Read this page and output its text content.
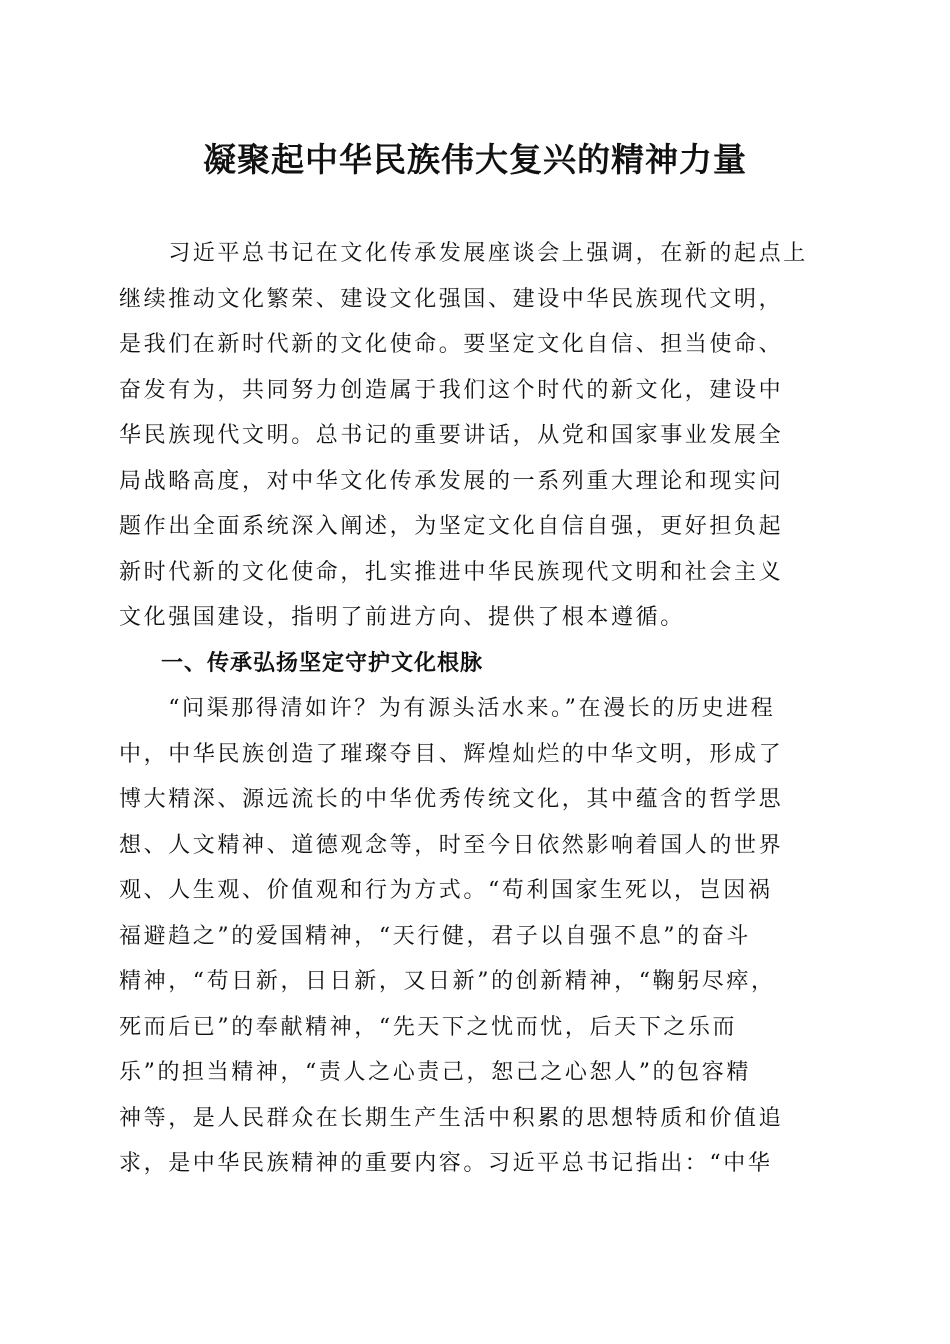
凝聚起中华民族伟大复兴的精神力量
　　习近平总书记在文化传承发展座谈会上强调，在新的起点上
继续推动文化繁荣、建设文化强国、建设中华民族现代文明，
是我们在新时代新的文化使命。要坚定文化自信、担当使命、
奋发有为，共同努力创造属于我们这个时代的新文化，建设中
华民族现代文明。总书记的重要讲话，从党和国家事业发展全
局战略高度，对中华文化传承发展的一系列重大理论和现实问
题作出全面系统深入阐述，为坚定文化自信自强，更好担负起
新时代新的文化使命，扎实推进中华民族现代文明和社会主义
文化强国建设，指明了前进方向、提供了根本遵循。
一、传承弘扬坚定守护文化根脉
　　“问渠那得清如许？为有源头活水来。”在漫长的历史进程
中，中华民族创造了璀璨夺目、辉煌灿烂的中华文明，形成了
博大精深、源远流长的中华优秀传统文化，其中蕴含的哲学思
想、人文精神、道德观念等，时至今日依然影响着国人的世界
观、人生观、价值观和行为方式。“苟利国家生死以，岂因祸
福避趋之”的爱国精神，“天行健，君子以自强不息”的奋斗
精神，“苟日新，日日新，又日新”的创新精神，“鞠躬尽瘁，
死而后已”的奉献精神，“先天下之忧而忧，后天下之乐而
乐”的担当精神，“责人之心责己，恕己之心恕人”的包容精
神等，是人民群众在长期生产生活中积累的思想特质和价值追
求，是中华民族精神的重要内容。习近平总书记指出：“中华
